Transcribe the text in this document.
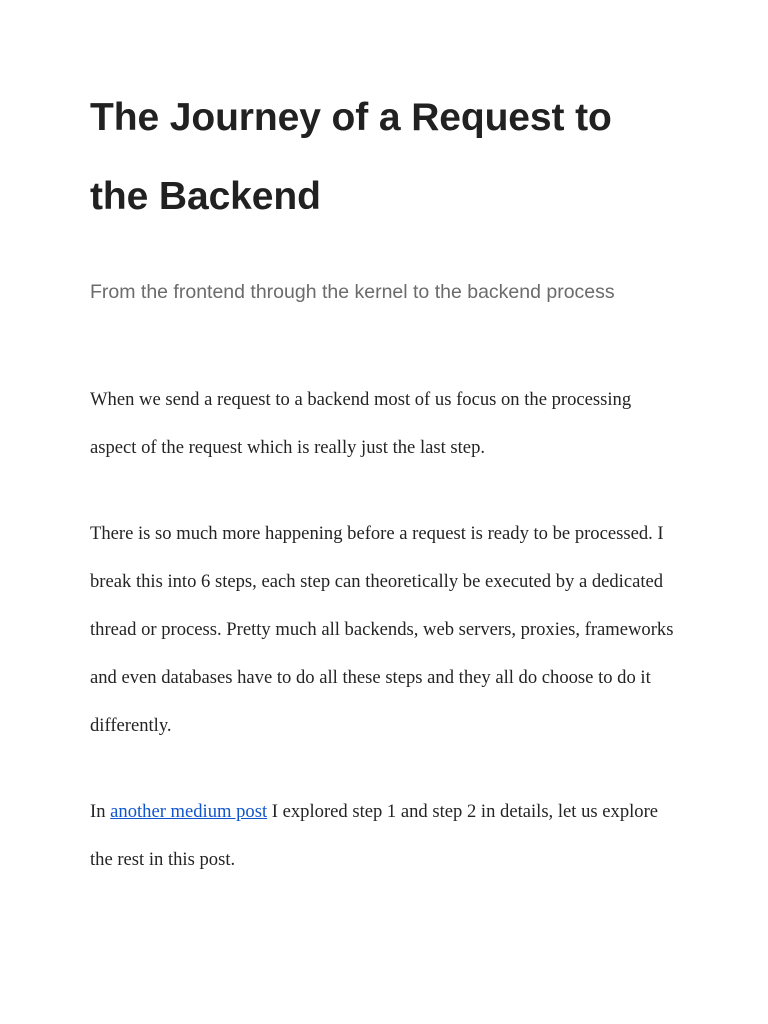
The Journey of a Request to the Backend

From the frontend through the kernel to the backend process

When we send a request to a backend most of us focus on the processing aspect of the request which is really just the last step.

There is so much more happening before a request is ready to be processed. I break this into 6 steps, each step can theoretically be executed by a dedicated thread or process. Pretty much all backends, web servers, proxies, frameworks and even databases have to do all these steps and they all do choose to do it differently.

In another medium post I explored step 1 and step 2 in details, let us explore the rest in this post.
